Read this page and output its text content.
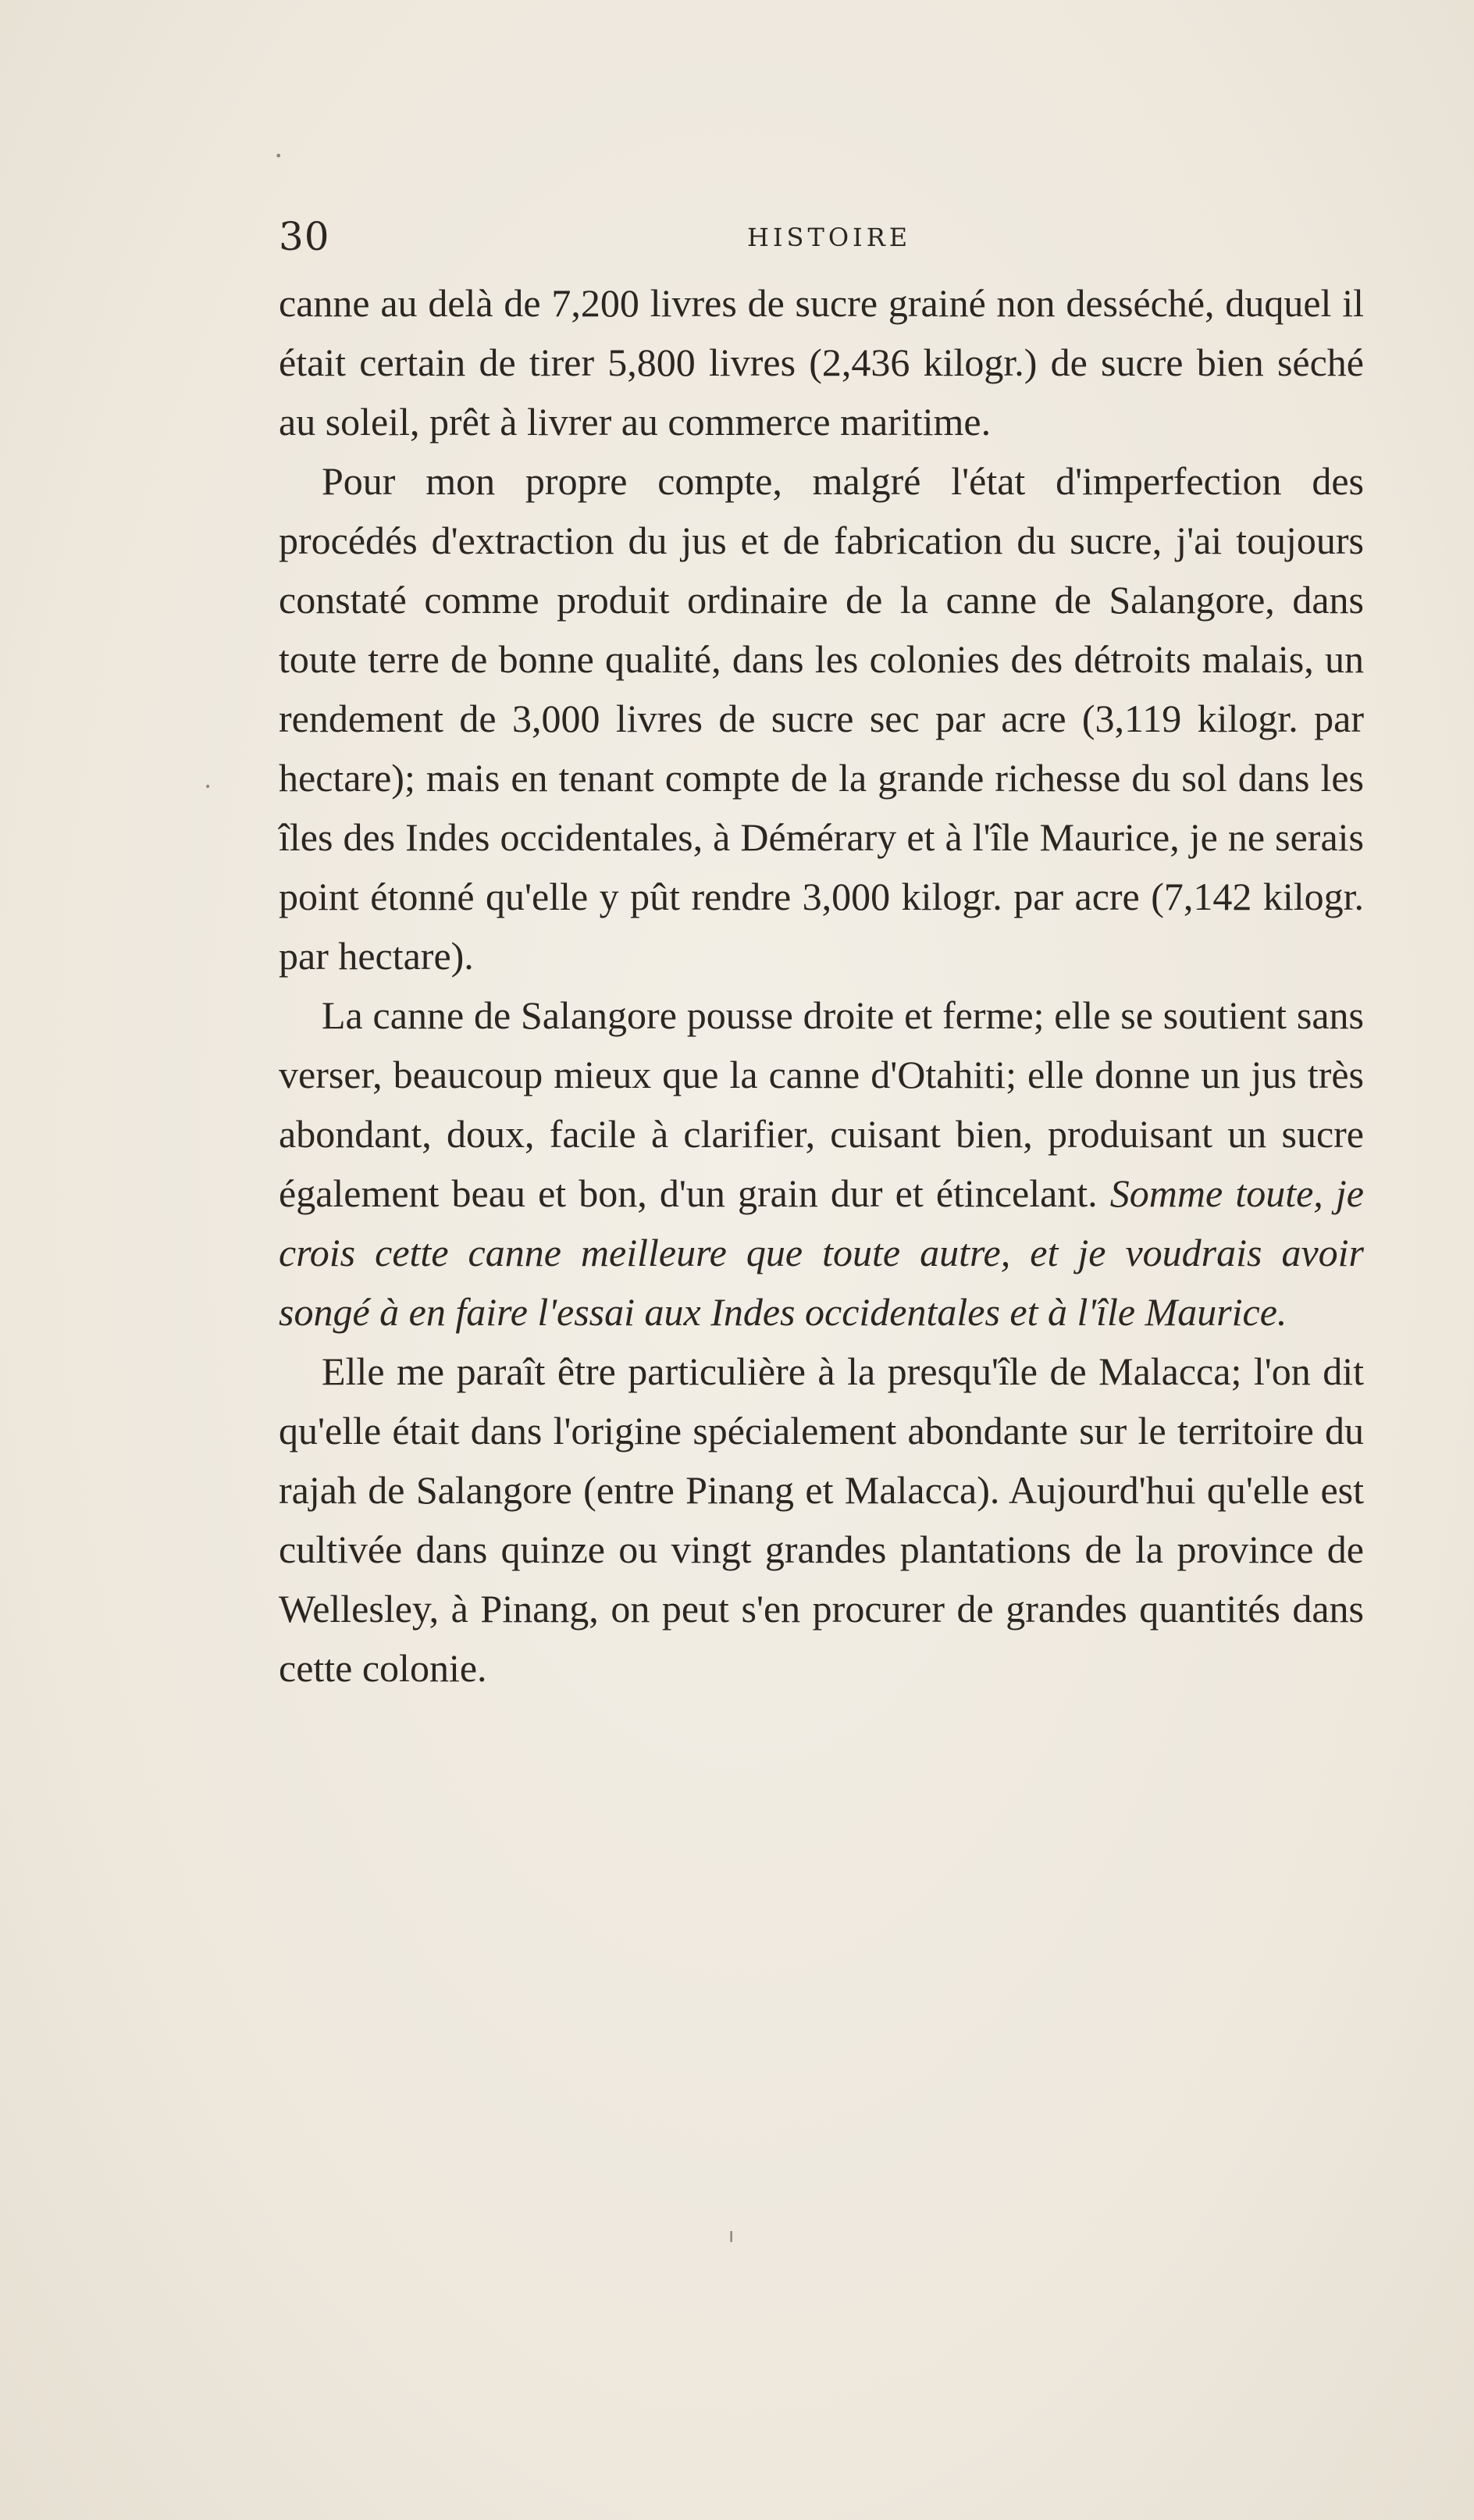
•
•
ı
30	HISTOIRE

canne au delà de 7,200 livres de sucre grainé non desséché, duquel il était certain de tirer 5,800 livres (2,436 kilogr.) de sucre bien séché au soleil, prêt à livrer au commerce maritime.

Pour mon propre compte, malgré l'état d'imperfection des procédés d'extraction du jus et de fabrication du sucre, j'ai toujours constaté comme produit ordinaire de la canne de Salangore, dans toute terre de bonne qualité, dans les colonies des détroits malais, un rendement de 3,000 livres de sucre sec par acre (3,119 kilogr. par hectare); mais en tenant compte de la grande richesse du sol dans les îles des Indes occidentales, à Démérary et à l'île Maurice, je ne serais point étonné qu'elle y pût rendre 3,000 kilogr. par acre (7,142 kilogr. par hectare).

La canne de Salangore pousse droite et ferme; elle se soutient sans verser, beaucoup mieux que la canne d'Otahiti; elle donne un jus très abondant, doux, facile à clarifier, cuisant bien, produisant un sucre également beau et bon, d'un grain dur et étincelant. Somme toute, je crois cette canne meilleure que toute autre, et je voudrais avoir songé à en faire l'essai aux Indes occidentales et à l'île Maurice.

Elle me paraît être particulière à la presqu'île de Malacca; l'on dit qu'elle était dans l'origine spécialement abondante sur le territoire du rajah de Salangore (entre Pinang et Malacca). Aujourd'hui qu'elle est cultivée dans quinze ou vingt grandes plantations de la province de Wellesley, à Pinang, on peut s'en procurer de grandes quantités dans cette colonie.
